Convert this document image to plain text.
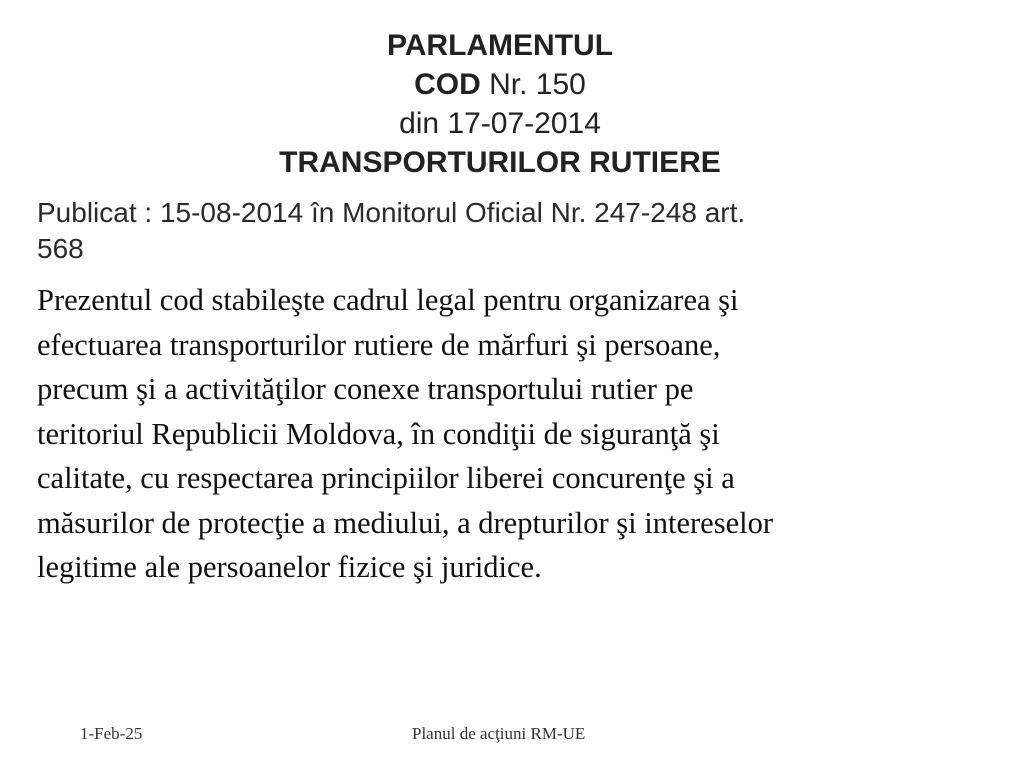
PARLAMENTUL
COD Nr. 150
din 17-07-2014
TRANSPORTURILOR RUTIERE
Publicat : 15-08-2014 în Monitorul Oficial Nr. 247-248 art.
568
Prezentul cod stabileşte cadrul legal pentru organizarea şi
efectuarea transporturilor rutiere de mărfuri şi persoane,
precum şi a activităţilor conexe transportului rutier pe
teritoriul Republicii Moldova, în condiţii de siguranţă şi
calitate, cu respectarea principiilor liberei concurenţe şi a
măsurilor de protecţie a mediului, a drepturilor şi intereselor
legitime ale persoanelor fizice şi juridice.
1-Feb-25	Planul de acţiuni RM-UE
